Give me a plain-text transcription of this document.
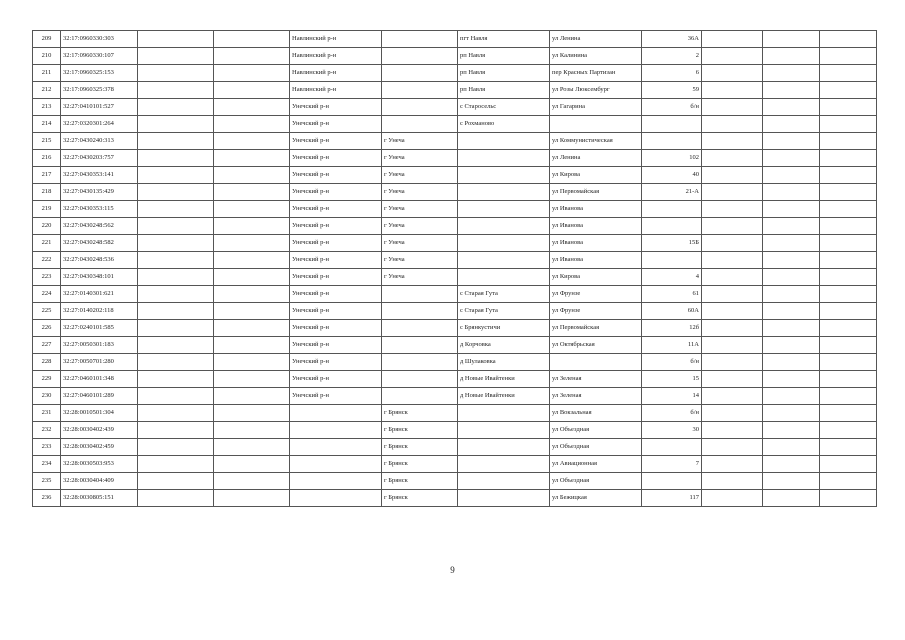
209	32:17:0960330:303			Навлинский р-н		пгт Навля	ул Ленина	36А			
210	32:17:0960330:107			Навлинский р-н		рп Навля	ул Калинина	2			
211	32:17:0960325:153			Навлинский р-н		рп Навля	пер Красных Партизан	6			
212	32:17:0960325:378			Навлинский р-н		рп Навля	ул Розы Люксембург	59			
213	32:27:0410101:527			Унечский р-н		с Старосельс	ул Гагарина	б/н			
214	32:27:0320301:264			Унечский р-н		с Рохманово					
215	32:27:0430240:313			Унечский р-н	г Унеча		ул Коммунистическая				
216	32:27:0430203:757			Унечский р-н	г Унеча		ул Ленина	102			
217	32:27:0430353:141			Унечский р-н	г Унеча		ул Кирова	40			
218	32:27:0430135:429			Унечский р-н	г Унеча		ул Первомайская	21-А			
219	32:27:0430353:115			Унечский р-н	г Унеча		ул Иванова				
220	32:27:0430248:562			Унечский р-н	г Унеча		ул Иванова				
221	32:27:0430248:582			Унечский р-н	г Унеча		ул Иванова	15Б			
222	32:27:0430248:536			Унечский р-н	г Унеча		ул Иванова				
223	32:27:0430348:101			Унечский р-н	г Унеча		ул Кирова	4			
224	32:27:0140301:621			Унечский р-н		с Старая Гута	ул Фрунзе	61			
225	32:27:0140202:118			Унечский р-н		с Старая Гута	ул Фрунзе	60А			
226	32:27:0240101:585			Унечский р-н		с Брянкустичи	ул Первомайская	12б			
227	32:27:0050301:183			Унечский р-н		д Корчовка	ул Октябрьская	11А			
228	32:27:0050701:280			Унечский р-н		д Шулаковка		б/н			
229	32:27:0460101:348			Унечский р-н		д Новые Ивайтенки	ул Зеленая	15			
230	32:27:0460101:289			Унечский р-н		д Новые Ивайтенки	ул Зеленая	14			
231	32:28:0010501:304				г Брянск		ул Вокзальная	б/н			
232	32:28:0030402:439				г Брянск		ул Объездная	30			
233	32:28:0030402:459				г Брянск		ул Объездная				
234	32:28:0030503:953				г Брянск		ул Авиационная	7			
235	32:28:0030404:409				г Брянск		ул Объездная				
236	32:28:0030805:151				г Брянск		ул Бежицкая	117			
9
